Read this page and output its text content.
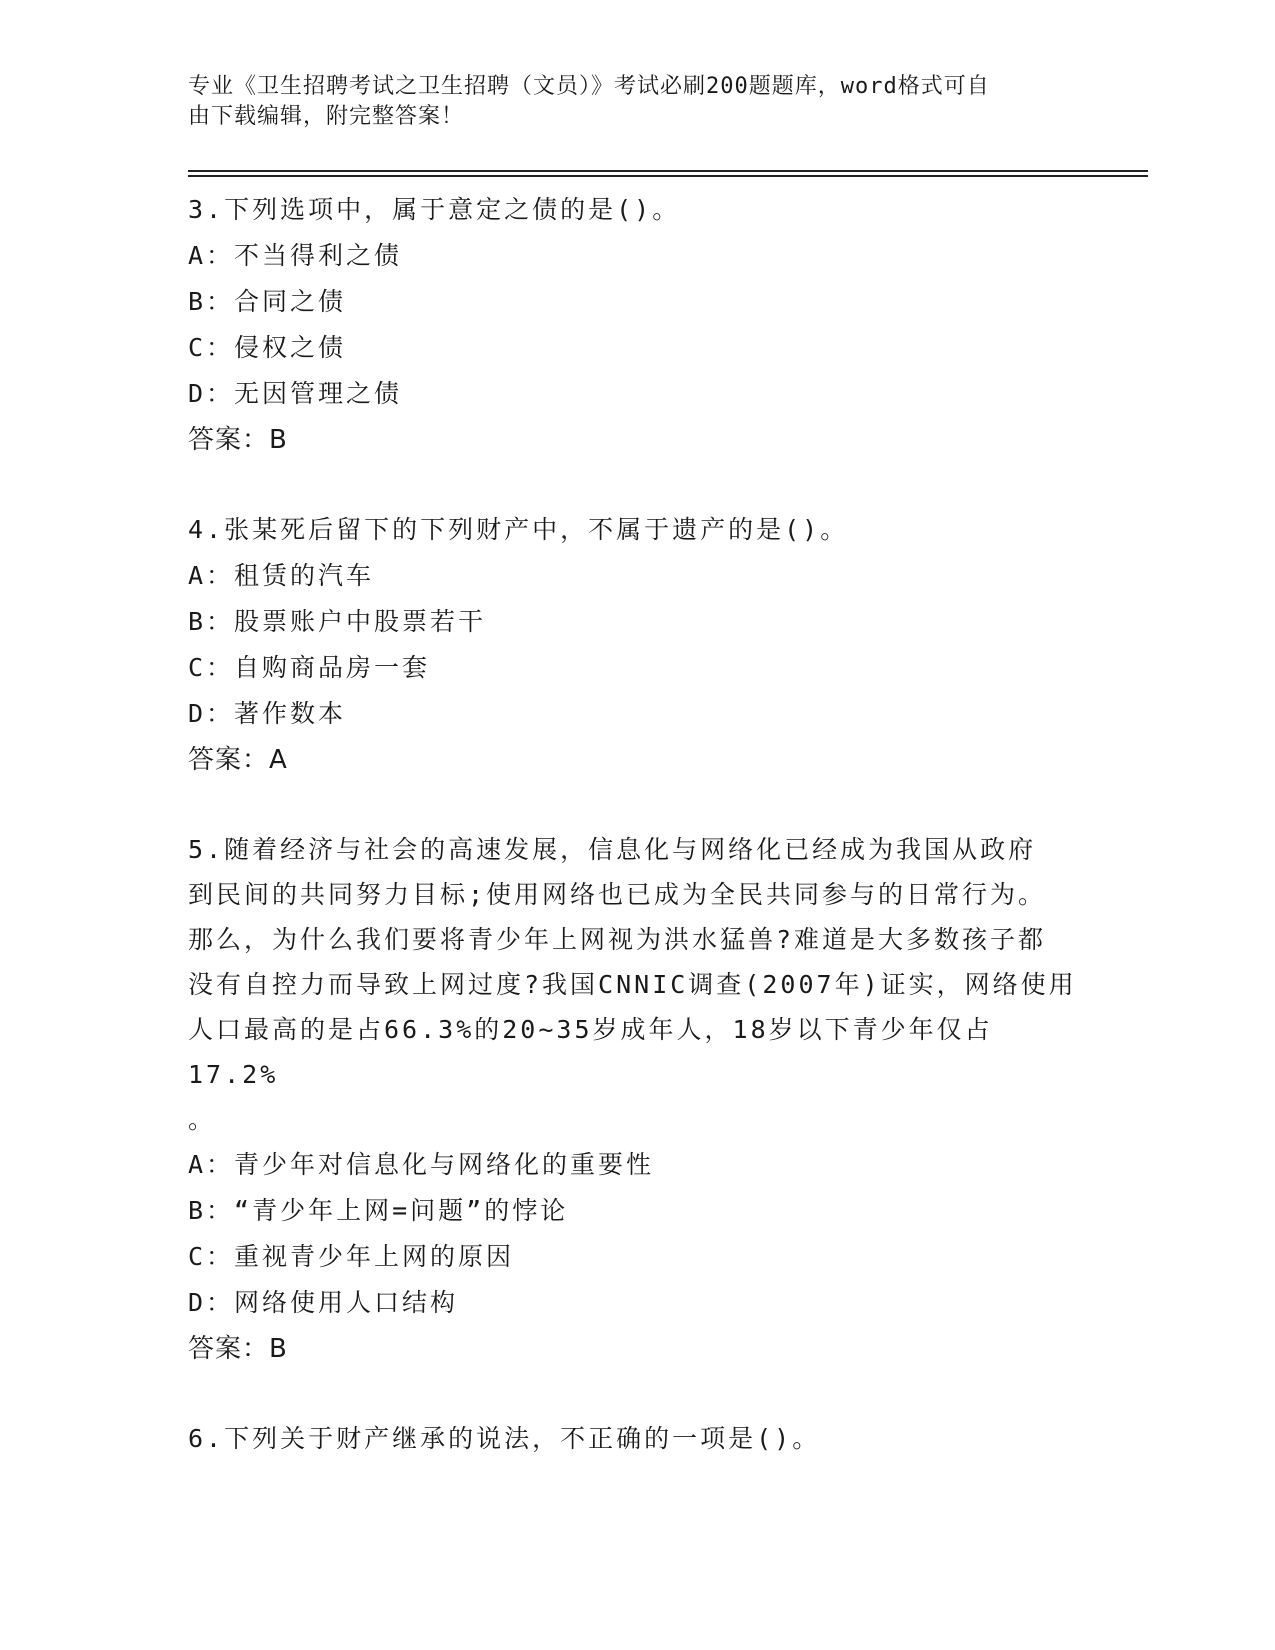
专业《卫生招聘考试之卫生招聘（文员）》考试必刷200题题库，word格式可自
由下载编辑，附完整答案！
3.下列选项中，属于意定之债的是()。
A：不当得利之债
B：合同之债
C：侵权之债
D：无因管理之债
答案：B
4.张某死后留下的下列财产中，不属于遗产的是()。
A：租赁的汽车
B：股票账户中股票若干
C：自购商品房一套
D：著作数本
答案：A
5.随着经济与社会的高速发展，信息化与网络化已经成为我国从政府
到民间的共同努力目标;使用网络也已成为全民共同参与的日常行为。
那么，为什么我们要将青少年上网视为洪水猛兽?难道是大多数孩子都
没有自控力而导致上网过度?我国CNNIC调查(2007年)证实，网络使用
人口最高的是占66.3%的20~35岁成年人，18岁以下青少年仅占17.2%
。
A：青少年对信息化与网络化的重要性
B：“青少年上网=问题”的悖论
C：重视青少年上网的原因
D：网络使用人口结构
答案：B
6.下列关于财产继承的说法，不正确的一项是()。
